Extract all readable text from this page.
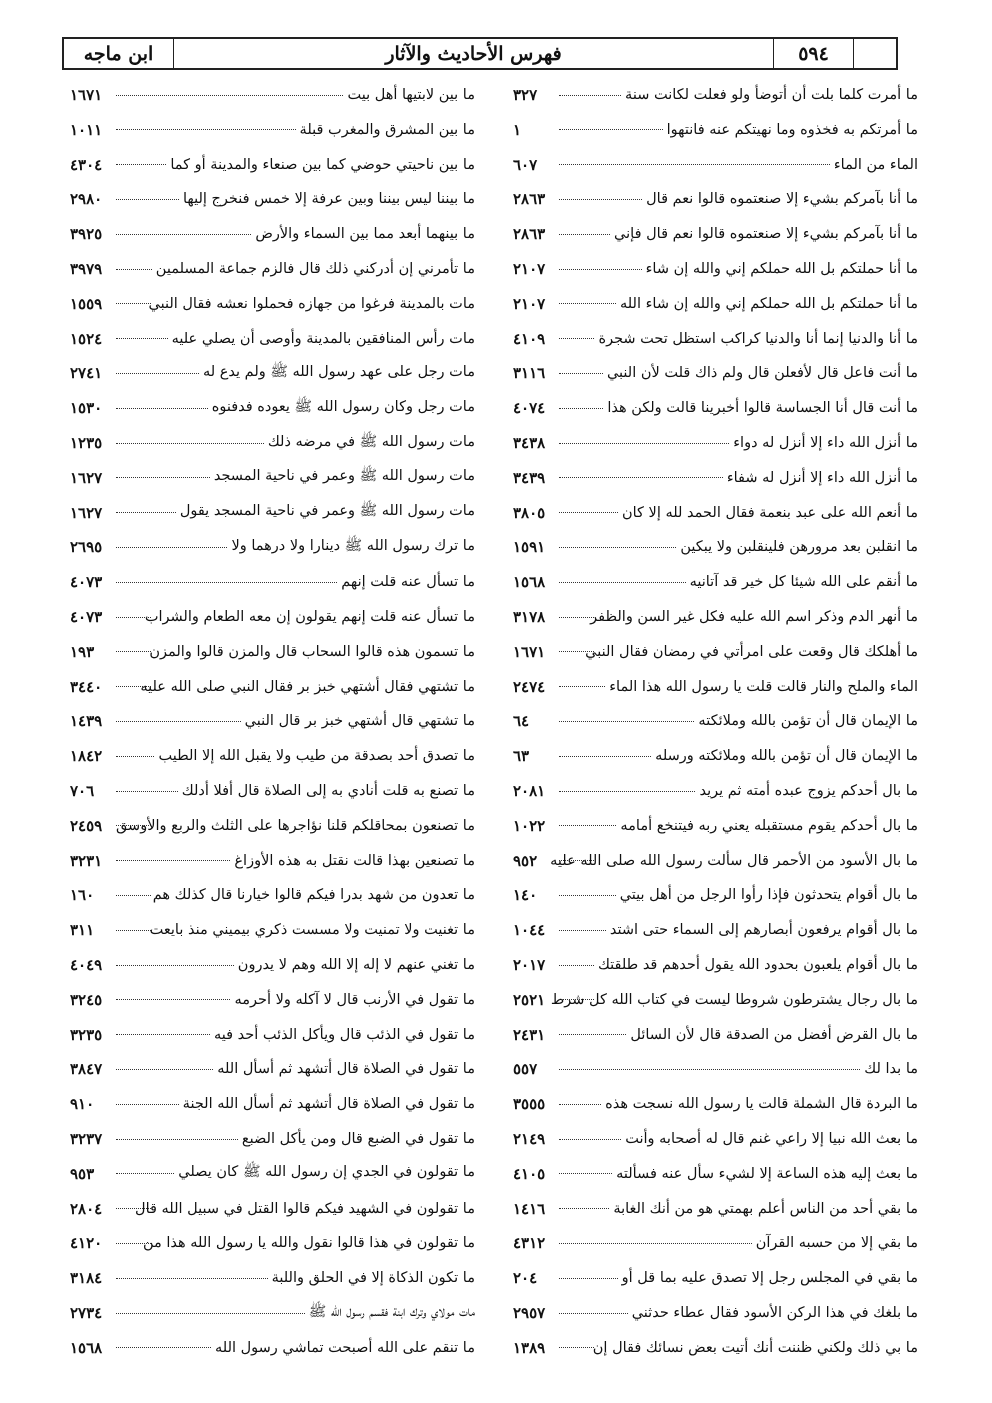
ابن ماجه	فهرس الأحاديث والآثار	٥٩٤
ما أمرت كلما بلت أن أتوضأ ولو فعلت لكانت سنة
٣٢٧
ما أمرتكم به فخذوه وما نهيتكم عنه فانتهوا
١
الماء من الماء
٦٠٧
ما أنا بآمركم بشيء إلا صنعتموه قالوا نعم قال
٢٨٦٣
ما أنا بآمركم بشيء إلا صنعتموه قالوا نعم قال فإني
٢٨٦٣
ما أنا حملتكم بل الله حملكم إني والله إن شاء
٢١٠٧
ما أنا حملتكم بل الله حملكم إني والله إن شاء الله
٢١٠٧
ما أنا والدنيا إنما أنا والدنيا كراكب استظل تحت شجرة
٤١٠٩
ما أنت فاعل قال لأفعلن قال ولم ذاك قلت لأن النبي
٣١١٦
ما أنت قال أنا الجساسة قالوا أخبرينا قالت ولكن هذا
٤٠٧٤
ما أنزل الله داء إلا أنزل له دواء
٣٤٣٨
ما أنزل الله داء إلا أنزل له شفاء
٣٤٣٩
ما أنعم الله على عبد بنعمة فقال الحمد لله إلا كان
٣٨٠٥
ما انقلبن بعد مرورهن فلينقلبن ولا يبكين
١٥٩١
ما أنقم على الله شيئا كل خير قد آتانيه
١٥٦٨
ما أنهر الدم وذكر اسم الله عليه فكل غير السن والظفر
٣١٧٨
ما أهلكك قال وقعت على امرأتي في رمضان فقال النبي
١٦٧١
الماء والملح والنار قالت قلت يا رسول الله هذا الماء
٢٤٧٤
ما الإيمان قال أن تؤمن بالله وملائكته
٦٤
ما الإيمان قال أن تؤمن بالله وملائكته ورسله
٦٣
ما بال أحدكم يزوج عبده أمته ثم يريد
٢٠٨١
ما بال أحدكم يقوم مستقبله يعني ربه فيتنخع أمامه
١٠٢٢
ما بال الأسود من الأحمر قال سألت رسول الله صلى الله عليه
٩٥٢
ما بال أقوام يتحدثون فإذا رأوا الرجل من أهل بيتي
١٤٠
ما بال أقوام يرفعون أبصارهم إلى السماء حتى اشتد
١٠٤٤
ما بال أقوام يلعبون بحدود الله يقول أحدهم قد طلقتك
٢٠١٧
ما بال رجال يشترطون شروطا ليست في كتاب الله كل شرط
٢٥٢١
ما بال القرض أفضل من الصدقة قال لأن السائل
٢٤٣١
ما بدا لك
٥٥٧
ما البردة قال الشملة قالت يا رسول الله نسجت هذه
٣٥٥٥
ما بعث الله نبيا إلا راعي غنم قال له أصحابه وأنت
٢١٤٩
ما بعث إليه هذه الساعة إلا لشيء سأل عنه فسألته
٤١٠٥
ما بقي أحد من الناس أعلم بهمتي هو من أنك الغابة
١٤١٦
ما بقي إلا من حسبه القرآن
٤٣١٢
ما بقي في المجلس رجل إلا تصدق عليه بما قل أو
٢٠٤
ما بلغك في هذا الركن الأسود فقال عطاء حدثني
٢٩٥٧
ما بي ذلك ولكني ظننت أنك أتيت بعض نسائك فقال إن
١٣٨٩
ما بين لابتيها أهل بيت
١٦٧١
ما بين المشرق والمغرب قبلة
١٠١١
ما بين ناحيتي حوضي كما بين صنعاء والمدينة أو كما
٤٣٠٤
ما بيننا ليس بيننا وبين عرفة إلا خمس فنخرج إليها
٢٩٨٠
ما بينهما أبعد مما بين السماء والأرض
٣٩٢٥
ما تأمرني إن أدركني ذلك قال فالزم جماعة المسلمين
٣٩٧٩
مات بالمدينة فرغوا من جهازه فحملوا نعشه فقال النبي
١٥٥٩
مات رأس المنافقين بالمدينة وأوصى أن يصلي عليه
١٥٢٤
مات رجل على عهد رسول الله ﷺ ولم يدع له
٢٧٤١
مات رجل وكان رسول الله ﷺ يعوده فدفنوه
١٥٣٠
مات رسول الله ﷺ في مرضه ذلك
١٢٣٥
مات رسول الله ﷺ وعمر في ناحية المسجد
١٦٢٧
مات رسول الله ﷺ وعمر في ناحية المسجد يقول
١٦٢٧
ما ترك رسول الله ﷺ دينارا ولا درهما ولا
٢٦٩٥
ما تسأل عنه قلت إنهم
٤٠٧٣
ما تسأل عنه قلت إنهم يقولون إن معه الطعام والشراب
٤٠٧٣
ما تسمون هذه قالوا السحاب قال والمزن قالوا والمزن
١٩٣
ما تشتهي فقال أشتهي خبز بر فقال النبي صلى الله عليه
٣٤٤٠
ما تشتهي قال أشتهي خبز بر قال النبي
١٤٣٩
ما تصدق أحد بصدقة من طيب ولا يقبل الله إلا الطيب
١٨٤٢
ما تصنع به قلت أنادي به إلى الصلاة قال أفلا أدلك
٧٠٦
ما تصنعون بمحاقلكم قلنا نؤاجرها على الثلث والربع والأوسق
٢٤٥٩
ما تصنعين بهذا قالت نقتل به هذه الأوزاغ
٣٢٣١
ما تعدون من شهد بدرا فيكم قالوا خيارنا قال كذلك هم
١٦٠
ما تغنيت ولا تمنيت ولا مسست ذكري بيميني منذ بايعت
٣١١
ما تغني عنهم لا إله إلا الله وهم لا يدرون
٤٠٤٩
ما تقول في الأرنب قال لا آكله ولا أحرمه
٣٢٤٥
ما تقول في الذئب قال ويأكل الذئب أحد فيه
٣٢٣٥
ما تقول في الصلاة قال أتشهد ثم أسأل الله
٣٨٤٧
ما تقول في الصلاة قال أتشهد ثم أسأل الله الجنة
٩١٠
ما تقول في الضبع قال ومن يأكل الضبع
٣٢٣٧
ما تقولون في الجدي إن رسول الله ﷺ كان يصلي
٩٥٣
ما تقولون في الشهيد فيكم قالوا القتل في سبيل الله قال
٢٨٠٤
ما تقولون في هذا قالوا نقول والله يا رسول الله هذا من
٤١٢٠
ما تكون الذكاة إلا في الحلق واللبة
٣١٨٤
مات مولاي وترك ابنة فقسم رسول الله ﷺ
٢٧٣٤
ما تنقم على الله أصبحت تماشي رسول الله
١٥٦٨
